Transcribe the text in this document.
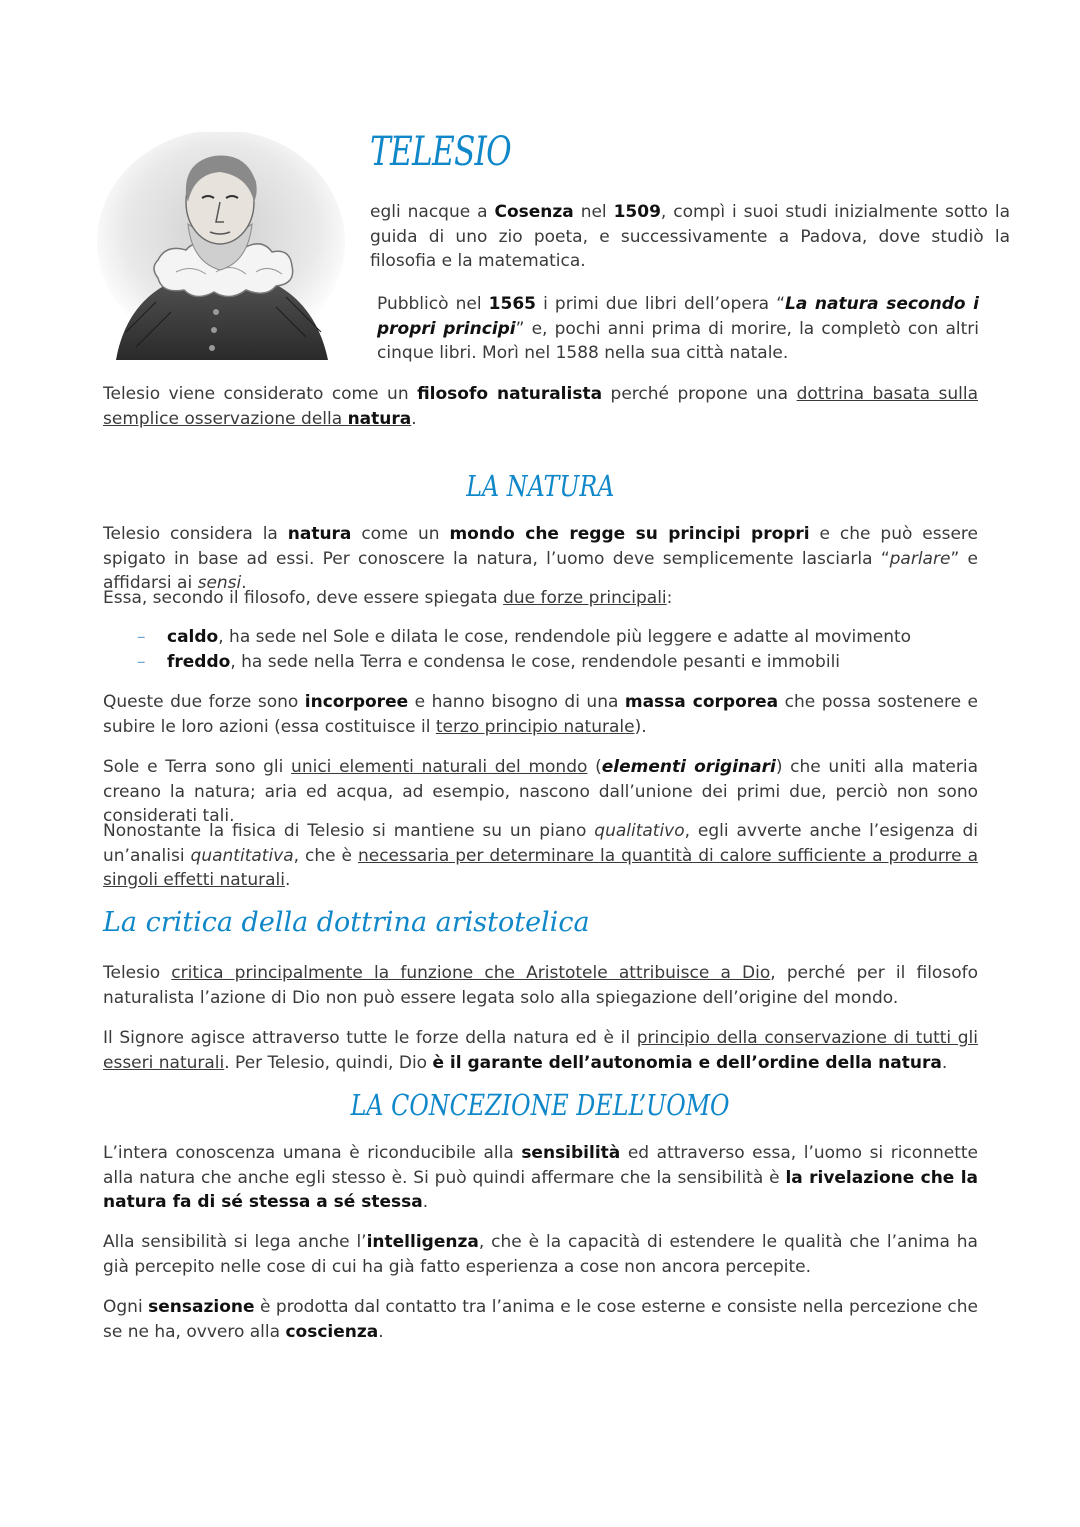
TELESIO

egli nacque a Cosenza nel 1509, compì i suoi studi inizialmente sotto la guida di uno zio poeta, e successivamente a Padova, dove studiò la filosofia e la matematica.

Pubblicò nel 1565 i primi due libri dell’opera “La natura secondo i propri principi” e, pochi anni prima di morire, la completò con altri cinque libri. Morì nel 1588 nella sua città natale.

Telesio viene considerato come un filosofo naturalista perché propone una dottrina basata sulla semplice osservazione della natura.

LA NATURA

Telesio considera la natura come un mondo che regge su principi propri e che può essere spigato in base ad essi. Per conoscere la natura, l’uomo deve semplicemente lasciarla “parlare” e affidarsi ai sensi.

Essa, secondo il filosofo, deve essere spiegata due forze principali:

– caldo, ha sede nel Sole e dilata le cose, rendendole più leggere e adatte al movimento
– freddo, ha sede nella Terra e condensa le cose, rendendole pesanti e immobili

Queste due forze sono incorporee e hanno bisogno di una massa corporea che possa sostenere e subire le loro azioni (essa costituisce il terzo principio naturale).

Sole e Terra sono gli unici elementi naturali del mondo (elementi originari) che uniti alla materia creano la natura; aria ed acqua, ad esempio, nascono dall’unione dei primi due, perciò non sono considerati tali.

Nonostante la fisica di Telesio si mantiene su un piano qualitativo, egli avverte anche l’esigenza di un’analisi quantitativa, che è necessaria per determinare la quantità di calore sufficiente a produrre a singoli effetti naturali.

La critica della dottrina aristotelica

Telesio critica principalmente la funzione che Aristotele attribuisce a Dio, perché per il filosofo naturalista l’azione di Dio non può essere legata solo alla spiegazione dell’origine del mondo.

Il Signore agisce attraverso tutte le forze della natura ed è il principio della conservazione di tutti gli esseri naturali. Per Telesio, quindi, Dio è il garante dell’autonomia e dell’ordine della natura.

LA CONCEZIONE DELL’UOMO

L’intera conoscenza umana è riconducibile alla sensibilità ed attraverso essa, l’uomo si riconnette alla natura che anche egli stesso è. Si può quindi affermare che la sensibilità è la rivelazione che la natura fa di sé stessa a sé stessa.

Alla sensibilità si lega anche l’intelligenza, che è la capacità di estendere le qualità che l’anima ha già percepito nelle cose di cui ha già fatto esperienza a cose non ancora percepite.

Ogni sensazione è prodotta dal contatto tra l’anima e le cose esterne e consiste nella percezione che se ne ha, ovvero alla coscienza.
